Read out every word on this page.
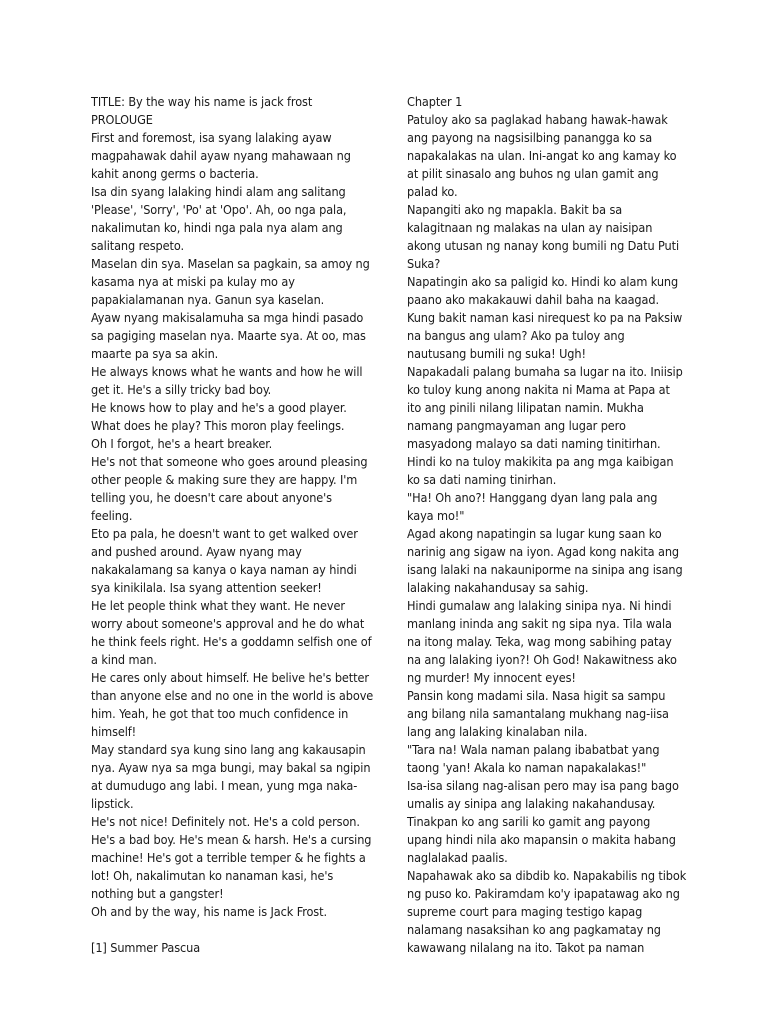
TITLE: By the way his name is jack frost

PROLOUGE

First and foremost, isa syang lalaking ayaw magpahawak dahil ayaw nyang mahawaan ng kahit anong germs o bacteria.

Isa din syang lalaking hindi alam ang salitang 'Please', 'Sorry', 'Po' at 'Opo'. Ah, oo nga pala, nakalimutan ko, hindi nga pala nya alam ang salitang respeto.

Maselan din sya. Maselan sa pagkain, sa amoy ng kasama nya at miski pa kulay mo ay papakialamanan nya. Ganun sya kaselan.

Ayaw nyang makisalamuha sa mga hindi pasado sa pagiging maselan nya. Maarte sya. At oo, mas maarte pa sya sa akin.

He always knows what he wants and how he will get it. He's a silly tricky bad boy.

He knows how to play and he's a good player. What does he play? This moron play feelings.

Oh I forgot, he's a heart breaker.

He's not that someone who goes around pleasing other people & making sure they are happy. I'm telling you, he doesn't care about anyone's feeling.

Eto pa pala, he doesn't want to get walked over and pushed around. Ayaw nyang may nakakalamang sa kanya o kaya naman ay hindi sya kinikilala. Isa syang attention seeker!

He let people think what they want. He never worry about someone's approval and he do what he think feels right. He's a goddamn selfish one of a kind man.

He cares only about himself. He belive he's better than anyone else and no one in the world is above him. Yeah, he got that too much confidence in himself!

May standard sya kung sino lang ang kakausapin nya. Ayaw nya sa mga bungi, may bakal sa ngipin at dumudugo ang labi. I mean, yung mga naka-lipstick.

He's not nice! Definitely not. He's a cold person. He's a bad boy. He's mean & harsh. He's a cursing machine! He's got a terrible temper & he fights a lot! Oh, nakalimutan ko nanaman kasi, he's nothing but a gangster!

Oh and by the way, his name is Jack Frost.

[1] Summer Pascua

Chapter 1

Patuloy ako sa paglakad habang hawak-hawak ang payong na nagsisilbing panangga ko sa napakalakas na ulan. Ini-angat ko ang kamay ko at pilit sinasalo ang buhos ng ulan gamit ang palad ko.

Napangiti ako ng mapakla. Bakit ba sa kalagitnaan ng malakas na ulan ay naisipan akong utusan ng nanay kong bumili ng Datu Puti Suka?

Napatingin ako sa paligid ko. Hindi ko alam kung paano ako makakauwi dahil baha na kaagad. Kung bakit naman kasi nirequest ko pa na Paksiw na bangus ang ulam? Ako pa tuloy ang nautusang bumili ng suka! Ugh!

Napakadali palang bumaha sa lugar na ito. Iniisip ko tuloy kung anong nakita ni Mama at Papa at ito ang pinili nilang lilipatan namin. Mukha namang pangmayaman ang lugar pero masyadong malayo sa dati naming tinitirhan. Hindi ko na tuloy makikita pa ang mga kaibigan ko sa dati naming tinirhan.

"Ha! Oh ano?! Hanggang dyan lang pala ang kaya mo!"

Agad akong napatingin sa lugar kung saan ko narinig ang sigaw na iyon. Agad kong nakita ang isang lalaki na nakauniporme na sinipa ang isang lalaking nakahandusay sa sahig.

Hindi gumalaw ang lalaking sinipa nya. Ni hindi manlang ininda ang sakit ng sipa nya. Tila wala na itong malay. Teka, wag mong sabihing patay na ang lalaking iyon?! Oh God! Nakawitness ako ng murder! My innocent eyes!

Pansin kong madami sila. Nasa higit sa sampu ang bilang nila samantalang mukhang nag-iisa lang ang lalaking kinalaban nila.

"Tara na! Wala naman palang ibabatbat yang taong 'yan! Akala ko naman napakalakas!"

Isa-isa silang nag-alisan pero may isa pang bago umalis ay sinipa ang lalaking nakahandusay.

Tinakpan ko ang sarili ko gamit ang payong upang hindi nila ako mapansin o makita habang naglalakad paalis.

Napahawak ako sa dibdib ko. Napakabilis ng tibok ng puso ko. Pakiramdam ko'y ipapatawag ako ng supreme court para maging testigo kapag nalamang nasaksihan ko ang pagkamatay ng kawawang nilalang na ito. Takot pa naman
